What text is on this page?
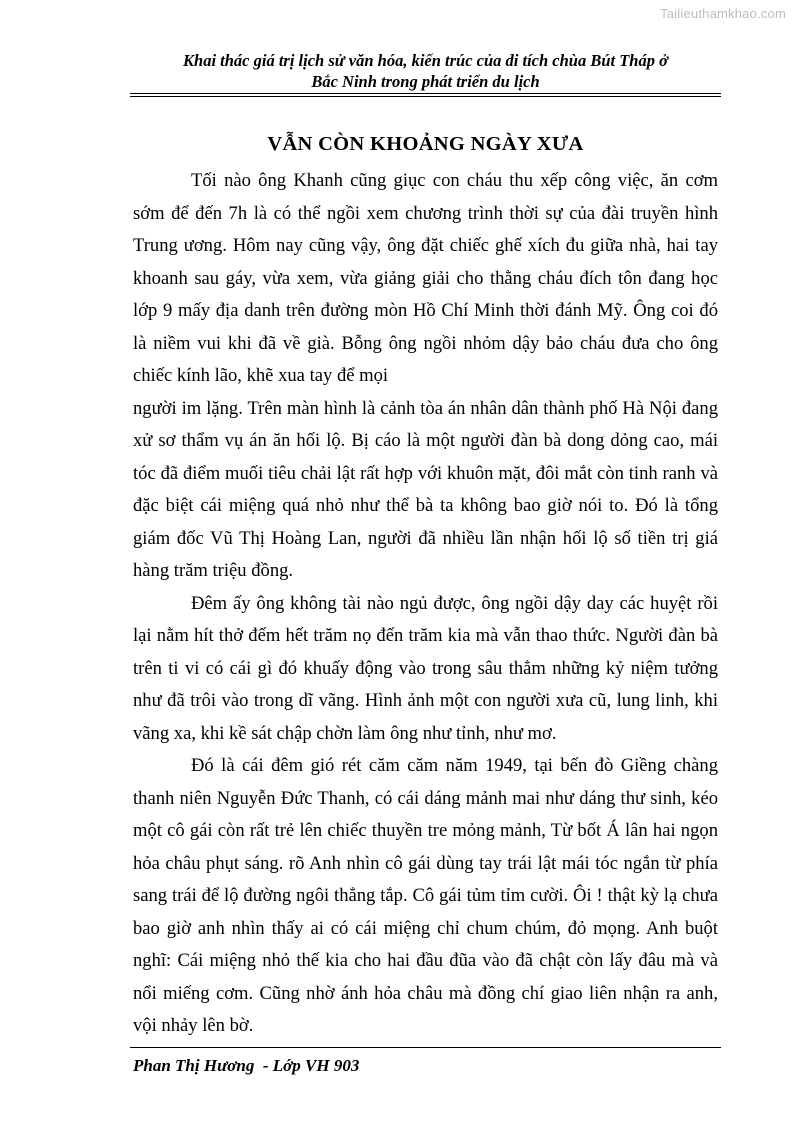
Tailieuthamkhao.com
Khai thác giá trị lịch sử văn hóa, kiến trúc của di tích chùa Bút Tháp ở
Bắc Ninh trong phát triển du lịch
VẪN CÒN KHOẢNG NGÀY XƯA

Tối nào ông Khanh cũng giục con cháu thu xếp công việc, ăn cơm sớm để đến 7h là có thể ngồi xem chương trình thời sự của đài truyền hình Trung ương. Hôm nay cũng vậy, ông đặt chiếc ghế xích đu giữa nhà, hai tay khoanh sau gáy, vừa xem, vừa giảng giải cho thằng cháu đích tôn đang học lớp 9 mấy địa danh trên đường mòn Hồ Chí Minh thời đánh Mỹ. Ông coi đó là niềm vui khi đã về già. Bỗng ông ngồi nhỏm dậy bảo cháu đưa cho ông chiếc kính lão, khẽ xua tay để mọi

người im lặng. Trên màn hình là cảnh tòa án nhân dân thành phố Hà Nội đang xử sơ thẩm vụ án ăn hối lộ. Bị cáo là một người đàn bà dong dỏng cao, mái tóc đã điểm muối tiêu chải lật rất hợp với khuôn mặt, đôi mắt còn tinh ranh và đặc biệt cái miệng quá nhỏ như thể bà ta không bao giờ nói to. Đó là tổng giám đốc Vũ Thị Hoàng Lan, người đã nhiều lần nhận hối lộ số tiền trị giá hàng trăm triệu đồng.

Đêm ấy ông không tài nào ngủ được, ông ngồi dậy day các huyệt rồi lại nằm hít thở đếm hết trăm nọ đến trăm kia mà vẫn thao thức. Người đàn bà trên ti vi có cái gì đó khuấy động vào trong sâu thẳm những kỷ niệm tưởng như đã trôi vào trong dĩ vãng. Hình ảnh một con người xưa cũ, lung linh, khi vãng xa, khi kề sát chập chờn làm ông như tỉnh, như mơ.

Đó là cái đêm gió rét căm căm năm 1949, tại bến đò Giềng chàng thanh niên Nguyễn Đức Thanh, có cái dáng mảnh mai như dáng thư sinh, kéo một cô gái còn rất trẻ lên chiếc thuyền tre mỏng mảnh, Từ bốt Á lân hai ngọn hỏa châu phụt sáng. rõ Anh nhìn cô gái dùng tay trái lật mái tóc ngắn từ phía sang trái để lộ đường ngôi thẳng tắp. Cô gái tủm tỉm cười. Ôi ! thật kỳ lạ chưa bao giờ anh nhìn thấy ai có cái miệng chỉ chum chúm, đỏ mọng. Anh buột nghĩ: Cái miệng nhỏ thế kia cho hai đầu đũa vào đã chật còn lấy đâu mà và nổi miếng cơm. Cũng nhờ ánh hỏa châu mà đồng chí giao liên nhận ra anh, vội nhảy lên bờ.

Phan Thị Hương  - Lớp VH 903
